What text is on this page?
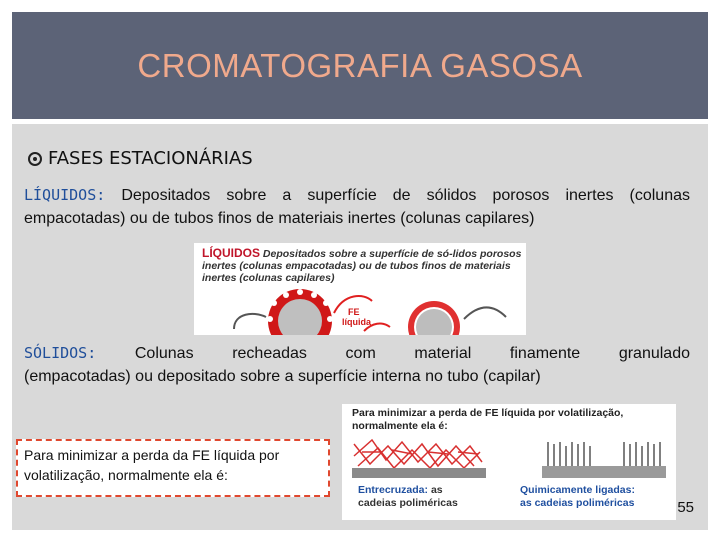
CROMATOGRAFIA GASOSA
FASES ESTACIONÁRIAS
LÍQUIDOS: Depositados sobre a superfície de sólidos porosos inertes (colunas empacotadas) ou de tubos finos de materiais inertes (colunas capilares)
LÍQUIDOS Depositados sobre a superfície de só-lidos porosos inertes (colunas empacotadas) ou de tubos finos de materiais inertes (colunas capilares)
FE
líquida
SÓLIDOS: Colunas recheadas com material finamente granulado
(empacotadas) ou depositado sobre a superfície interna no tubo (capilar)
Para minimizar a perda de FE líquida por volatilização, normalmente ela é:
Entrecruzada: as
cadeias poliméricas
Quimicamente ligadas:
as cadeias poliméricas
Para minimizar a perda da FE líquida por volatilização, normalmente ela é:
55
